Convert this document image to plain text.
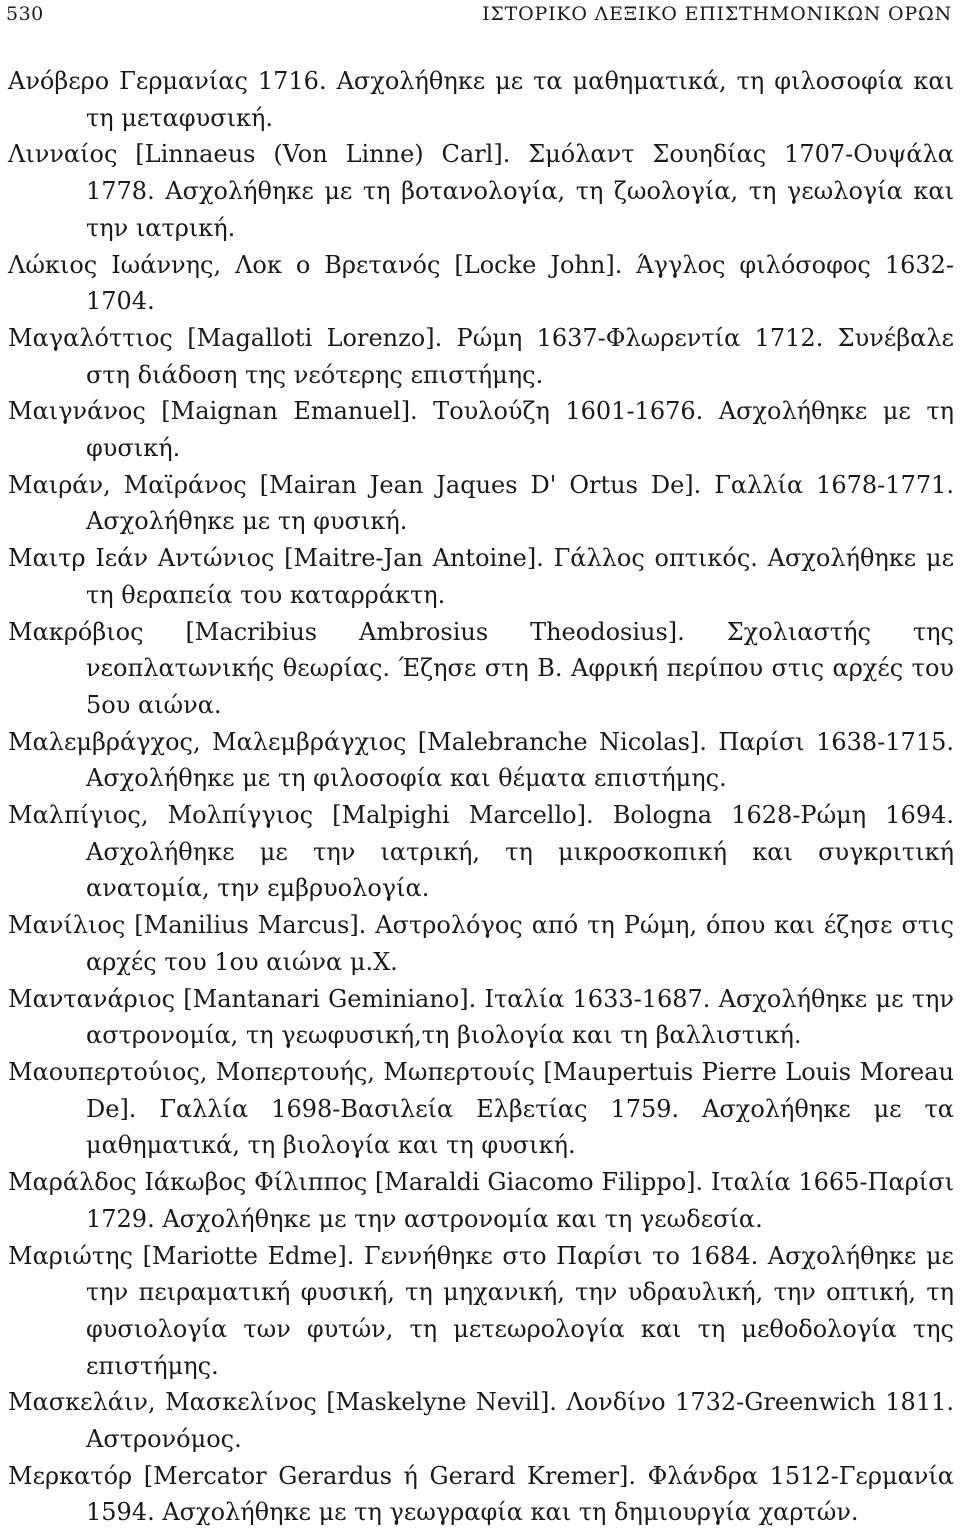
530	ΙΣΤΟΡΙΚΟ ΛΕΞΙΚΟ ΕΠΙΣΤΗΜΟΝΙΚΩΝ ΟΡΩΝ

Ανόβερο Γερμανίας 1716. Ασχολήθηκε με τα μαθηματικά, τη φιλοσοφία και τη μεταφυσική.

Λινναίος [Linnaeus (Von Linne) Carl]. Σμόλαντ Σουηδίας 1707-Ουψάλα 1778. Ασχολήθηκε με τη βοτανολογία, τη ζωολογία, τη γεωλογία και την ιατρική.

Λώκιος Ιωάννης, Λοκ ο Βρετανός [Locke John]. Άγγλος φιλόσοφος 1632-1704.

Μαγαλόττιος [Magalloti Lorenzo]. Ρώμη 1637-Φλωρεντία 1712. Συνέβαλε στη διάδοση της νεότερης επιστήμης.

Μαιγνάνος [Maignan Emanuel]. Τουλούζη 1601-1676. Ασχολήθηκε με τη φυσική.

Μαιράν, Μαϊράνος [Mairan Jean Jaques D' Ortus De]. Γαλλία 1678-1771. Ασχολήθηκε με τη φυσική.

Μαιτρ Ιεάν Αντώνιος [Maitre-Jan Antoine]. Γάλλος οπτικός. Ασχολήθηκε με τη θεραπεία του καταρράκτη.

Μακρόβιος [Macribius Ambrosius Theodosius]. Σχολιαστής της νεοπλατωνικής θεωρίας. Έζησε στη Β. Αφρική περίπου στις αρχές του 5ου αιώνα.

Μαλεμβράγχος, Μαλεμβράγχιος [Malebranche Nicolas]. Παρίσι 1638-1715. Ασχολήθηκε με τη φιλοσοφία και θέματα επιστήμης.

Μαλπίγιος, Μολπίγγιος [Malpighi Marcello]. Bologna 1628-Ρώμη 1694. Ασχολήθηκε με την ιατρική, τη μικροσκοπική και συγκριτική ανατομία, την εμβρυολογία.

Μανίλιος [Manilius Marcus]. Αστρολόγος από τη Ρώμη, όπου και έζησε στις αρχές του 1ου αιώνα μ.Χ.

Μαντανάριος [Mantanari Geminiano]. Ιταλία 1633-1687. Ασχολήθηκε με την αστρονομία, τη γεωφυσική,τη βιολογία και τη βαλλιστική.

Μαουπερτούιος, Μοπερτουής, Μωπερτουίς [Maupertuis Pierre Louis Moreau De]. Γαλλία 1698-Βασιλεία Ελβετίας 1759. Ασχολήθηκε με τα μαθηματικά, τη βιολογία και τη φυσική.

Μαράλδος Ιάκωβος Φίλιππος [Maraldi Giacomo Filippo]. Ιταλία 1665-Παρίσι 1729. Ασχολήθηκε με την αστρονομία και τη γεωδεσία.

Μαριώτης [Mariotte Edme]. Γεννήθηκε στο Παρίσι το 1684. Ασχολήθηκε με την πειραματική φυσική, τη μηχανική, την υδραυλική, την οπτική, τη φυσιολογία των φυτών, τη μετεωρολογία και τη μεθοδολογία της επιστήμης.

Μασκελάιν, Μασκελίνος [Maskelyne Nevil]. Λονδίνο 1732-Greenwich 1811. Αστρονόμος.

Μερκατόρ [Mercator Gerardus ή Gerard Kremer]. Φλάνδρα 1512-Γερμανία 1594. Ασχολήθηκε με τη γεωγραφία και τη δημιουργία χαρτών.
